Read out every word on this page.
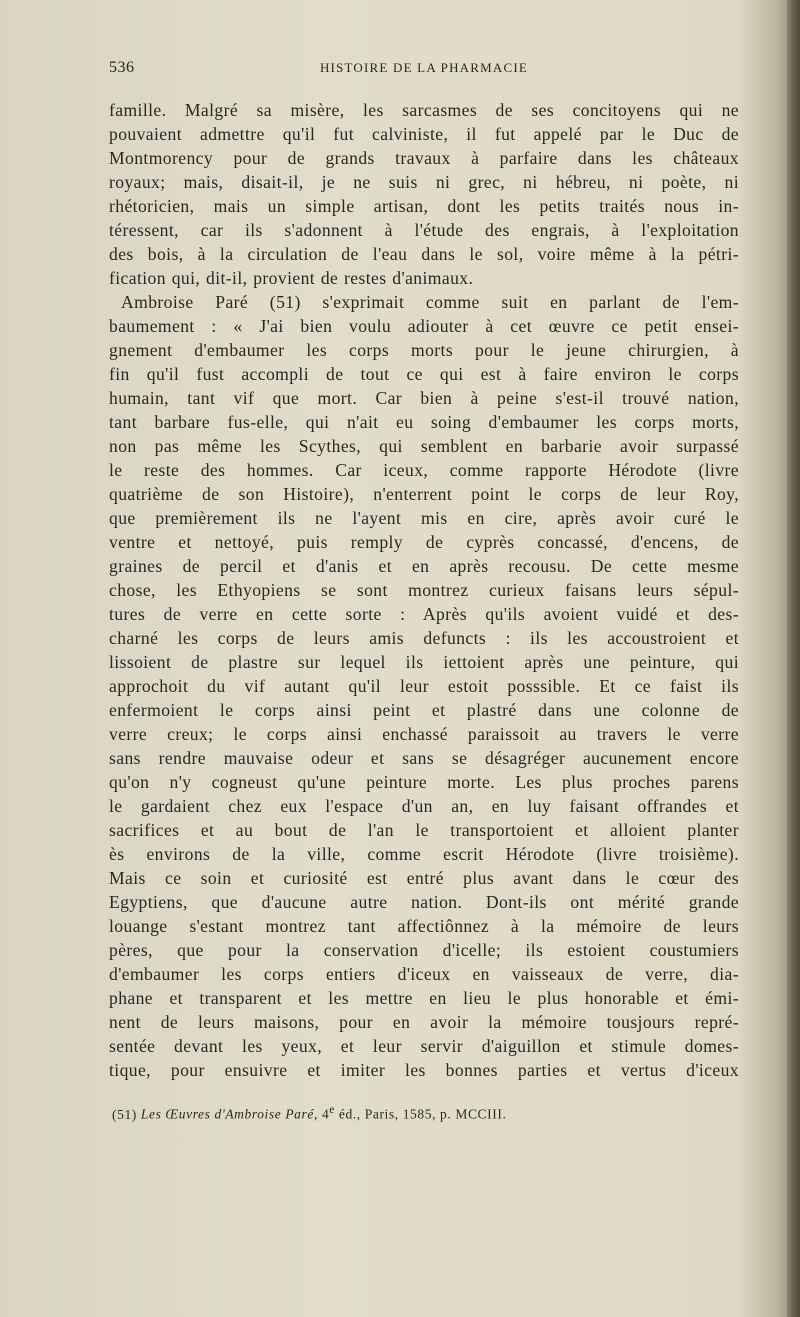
536	HISTOIRE DE LA PHARMACIE
famille. Malgré sa misère, les sarcasmes de ses concitoyens qui ne
pouvaient admettre qu'il fut calviniste, il fut appelé par le Duc de
Montmorency pour de grands travaux à parfaire dans les châteaux
royaux; mais, disait-il, je ne suis ni grec, ni hébreu, ni poète, ni
rhétoricien, mais un simple artisan, dont les petits traités nous in-
téressent, car ils s'adonnent à l'étude des engrais, à l'exploitation
des bois, à la circulation de l'eau dans le sol, voire même à la pétri-
fication qui, dit-il, provient de restes d'animaux.
Ambroise Paré (51) s'exprimait comme suit en parlant de l'em-
baumement : « J'ai bien voulu adiouter à cet œuvre ce petit ensei-
gnement d'embaumer les corps morts pour le jeune chirurgien, à
fin qu'il fust accompli de tout ce qui est à faire environ le corps
humain, tant vif que mort. Car bien à peine s'est-il trouvé nation,
tant barbare fus-elle, qui n'ait eu soing d'embaumer les corps morts,
non pas même les Scythes, qui semblent en barbarie avoir surpassé
le reste des hommes. Car iceux, comme rapporte Hérodote (livre
quatrième de son Histoire), n'enterrent point le corps de leur Roy,
que premièrement ils ne l'ayent mis en cire, après avoir curé le
ventre et nettoyé, puis remply de cyprès concassé, d'encens, de
graines de percil et d'anis et en après recousu. De cette mesme
chose, les Ethyopiens se sont montrez curieux faisans leurs sépul-
tures de verre en cette sorte : Après qu'ils avoient vuidé et des-
charné les corps de leurs amis defuncts : ils les accoustroient et
lissoient de plastre sur lequel ils iettoient après une peinture, qui
approchoit du vif autant qu'il leur estoit posssible. Et ce faist ils
enfermoient le corps ainsi peint et plastré dans une colonne de
verre creux; le corps ainsi enchassé paraissoit au travers le verre
sans rendre mauvaise odeur et sans se désagréger aucunement encore
qu'on n'y cogneust qu'une peinture morte. Les plus proches parens
le gardaient chez eux l'espace d'un an, en luy faisant offrandes et
sacrifices et au bout de l'an le transportoient et alloient planter
ès environs de la ville, comme escrit Hérodote (livre troisième).
Mais ce soin et curiosité est entré plus avant dans le cœur des
Egyptiens, que d'aucune autre nation. Dont-ils ont mérité grande
louange s'estant montrez tant affectiônnez à la mémoire de leurs
pères, que pour la conservation d'icelle; ils estoient coustumiers
d'embaumer les corps entiers d'iceux en vaisseaux de verre, dia-
phane et transparent et les mettre en lieu le plus honorable et émi-
nent de leurs maisons, pour en avoir la mémoire tousjours repré-
sentée devant les yeux, et leur servir d'aiguillon et stimule domes-
tique, pour ensuivre et imiter les bonnes parties et vertus d'iceux
(51) Les Œuvres d'Ambroise Paré, 4e éd., Paris, 1585, p. MCCIII.
